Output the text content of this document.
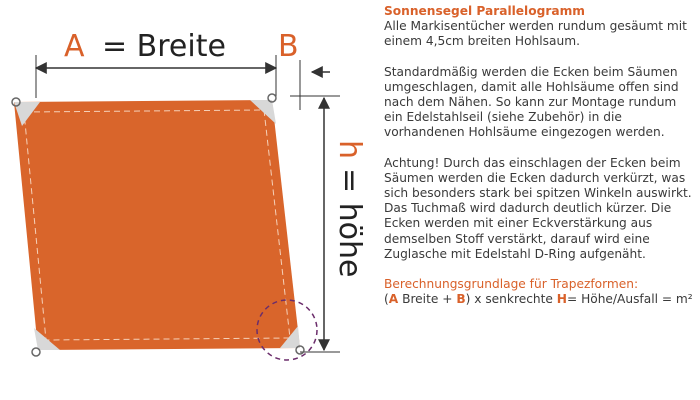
A = Breite B
h
= höhe
Sonnensegel Parallelogramm

Alle Markisentücher werden rundum gesäumt mit einem 4,5cm breiten Hohlsaum.

Standardmäßig werden die Ecken beim Säumen umgeschlagen, damit alle Hohlsäume offen sind nach dem Nähen. So kann zur Montage rundum ein Edelstahlseil (siehe Zubehör) in die vorhandenen Hohlsäume eingezogen werden.

Achtung! Durch das einschlagen der Ecken beim Säumen werden die Ecken dadurch verkürzt, was sich besonders stark bei spitzen Winkeln auswirkt. Das Tuchmaß wird dadurch deutlich kürzer. Die Ecken werden mit einer Eckverstärkung aus demselben Stoff verstärkt, darauf wird eine Zuglasche mit Edelstahl D-Ring aufgenäht.

Berechnungsgrundlage für Trapezformen:
(A Breite + B) x senkrechte H= Höhe/Ausfall = m²
